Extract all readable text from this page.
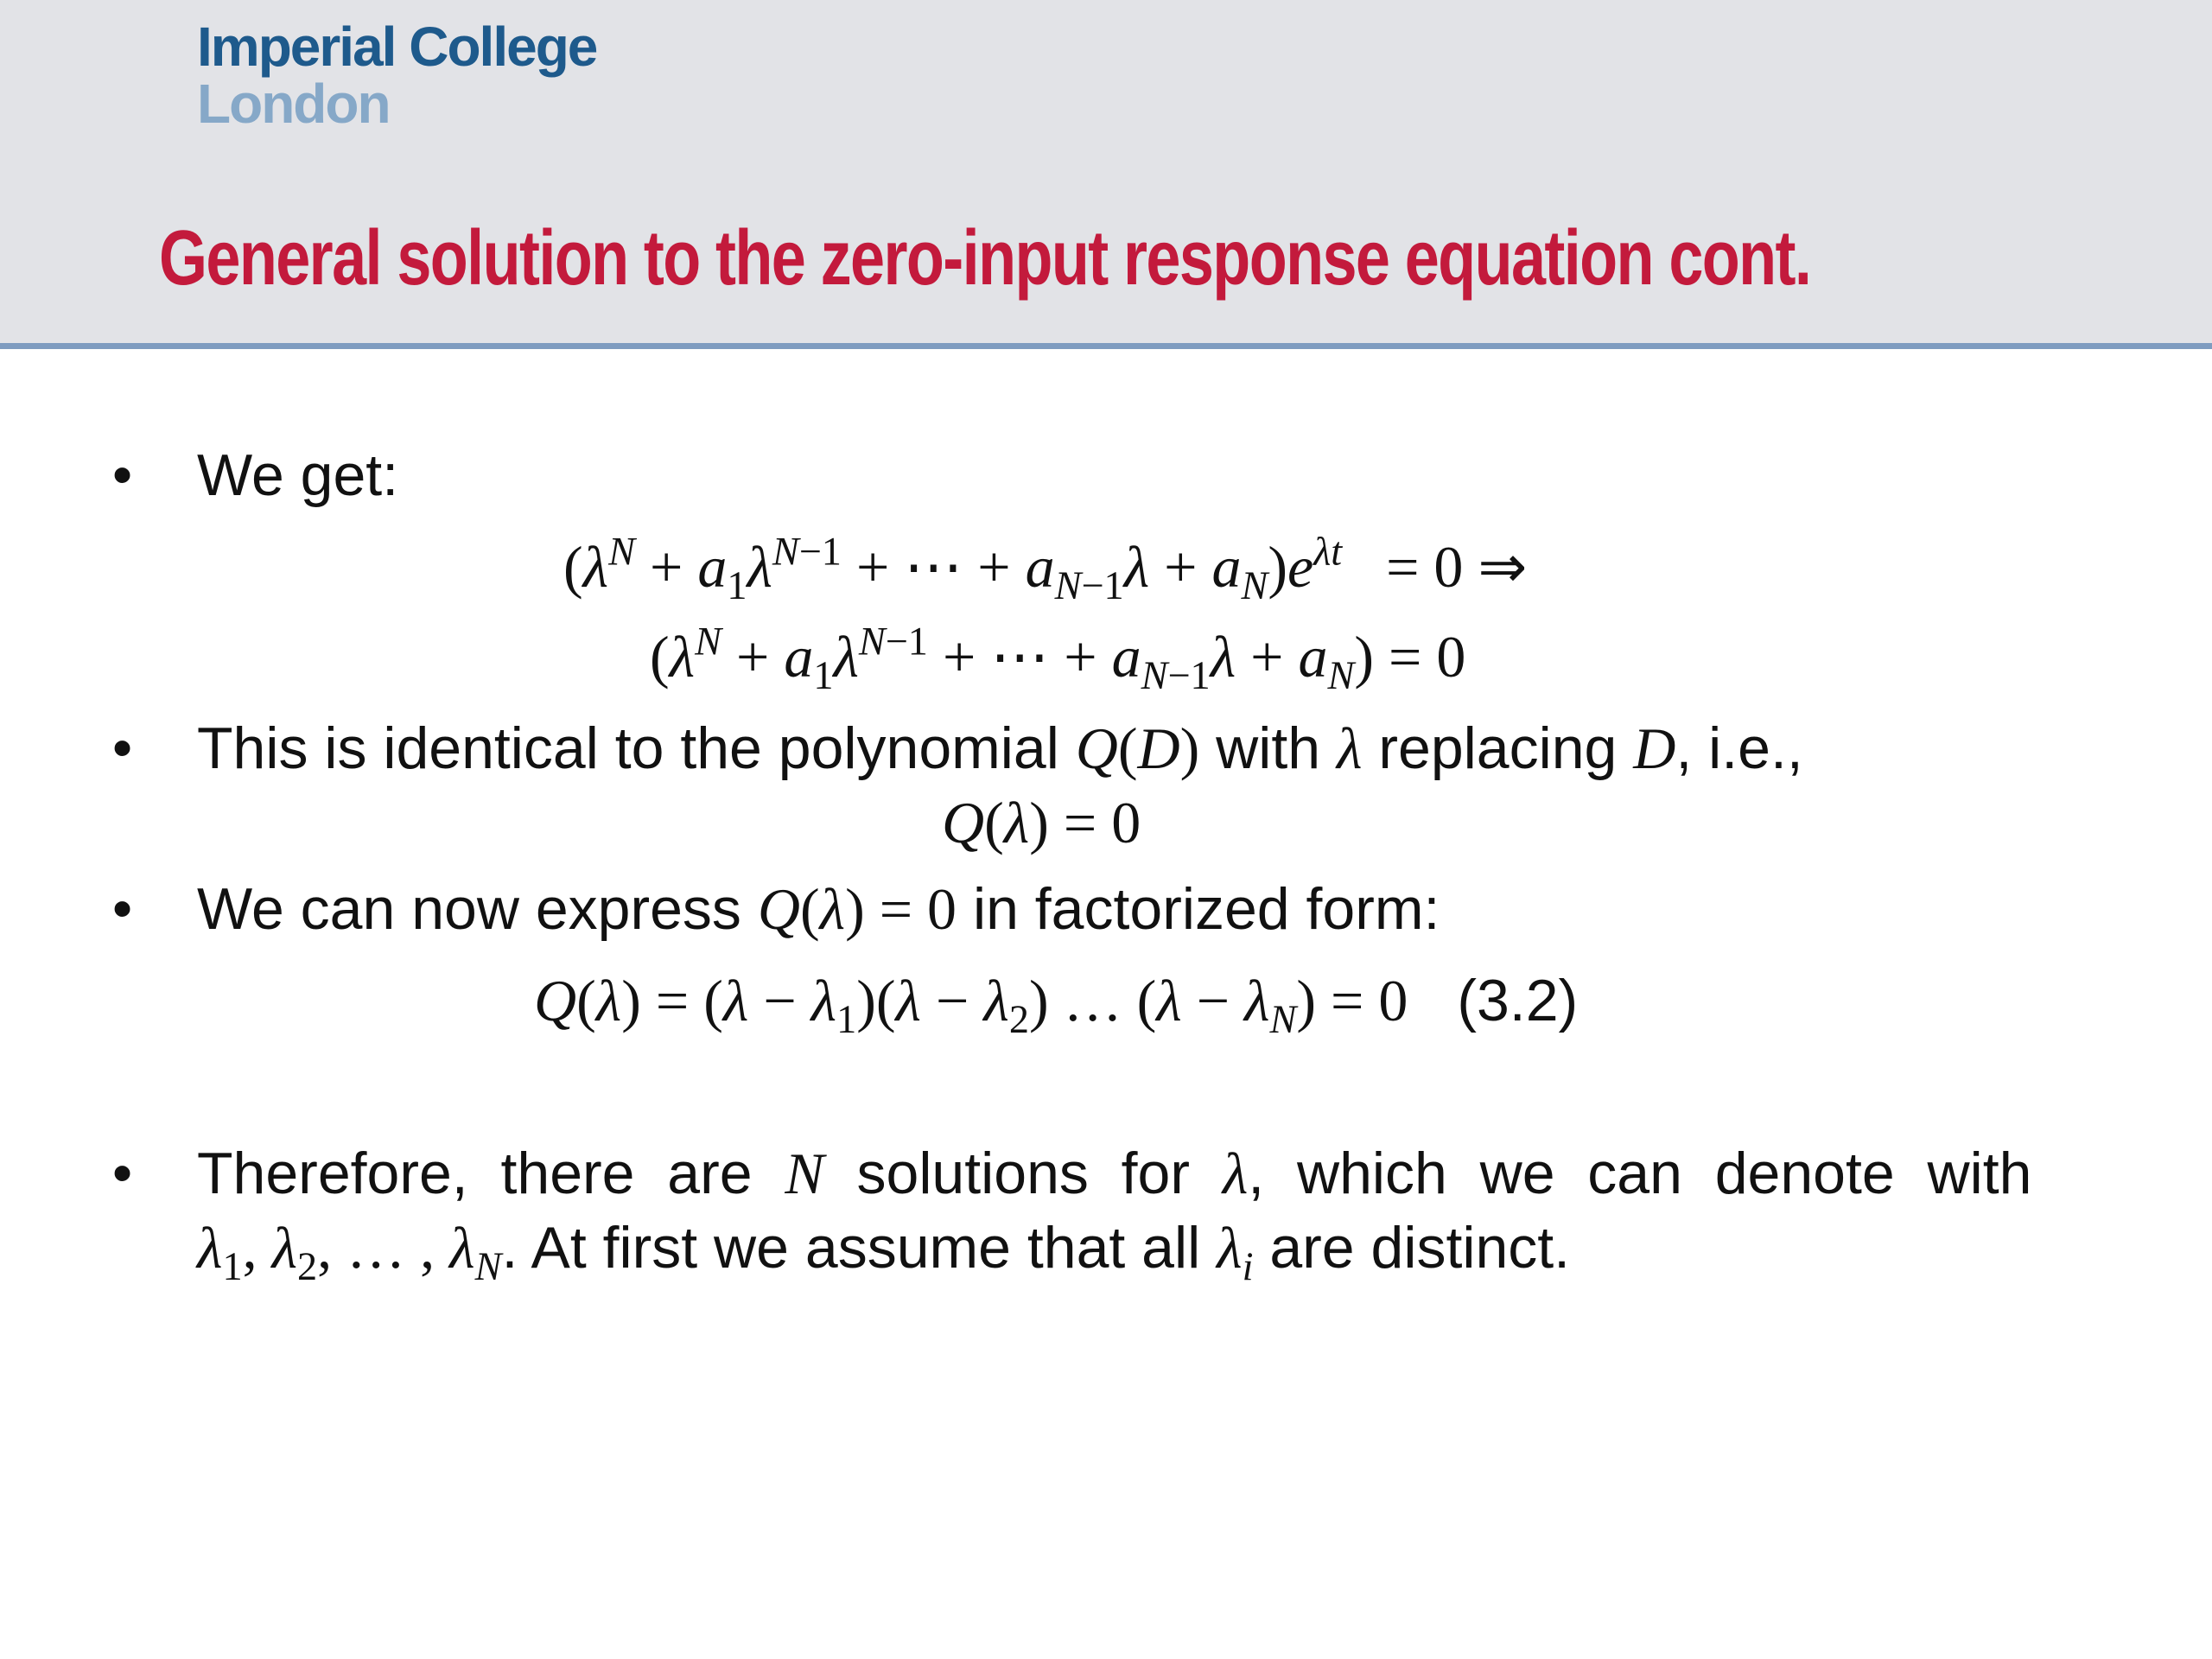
Imperial College
London
General solution to the zero-input response equation cont.
• We get:
($\lambda^N + a_1\lambda^{N-1}$ + ⋯ + $a_{N-1}\lambda + a_N)e^{\lambda t} = 0$ ⇒
($\lambda^N + a_1\lambda^{N-1}$ + ⋯ + $a_{N-1}\lambda + a_N) = 0$
• This is identical to the polynomial Q(D) with λ replacing D, i.e.,
Q(λ) = 0
• We can now express Q(λ) = 0 in factorized form:
$Q(\lambda) = (\lambda - \lambda_1)(\lambda - \lambda_2)$ … $(\lambda - \lambda_N) = 0$ (3.2)
• Therefore,  there  are N solutions  for λ,  which  we  can  denote  with
$\lambda_1$, $\lambda_2$, … , $\lambda_N$. At first we assume that all $\lambda_i$ are distinct.
